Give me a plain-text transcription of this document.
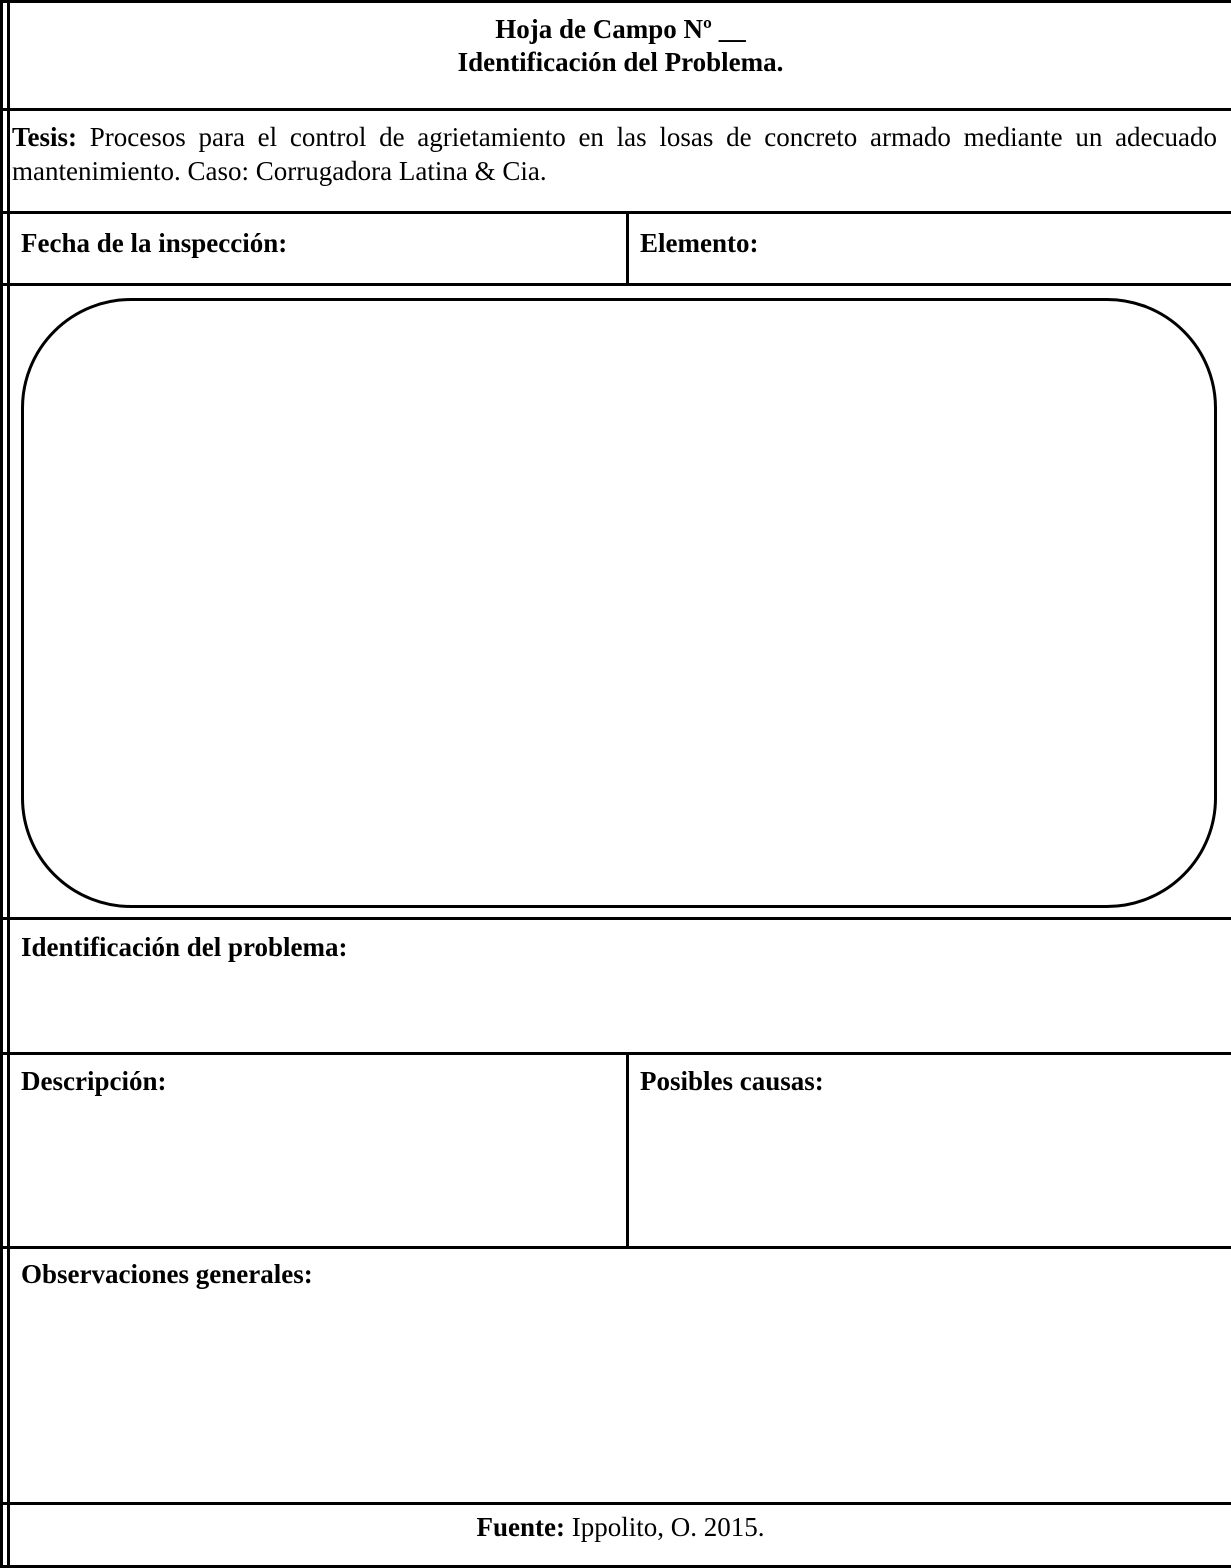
Hoja de Campo Nº __
Identificación del Problema.
Tesis: Procesos para el control de agrietamiento en las losas de concreto armado mediante un adecuado mantenimiento. Caso: Corrugadora Latina & Cia.
Fecha de la inspección:	Elemento:
Identificación del problema:
Descripción:	Posibles causas:
Observaciones generales:
Fuente: Ippolito, O. 2015.
